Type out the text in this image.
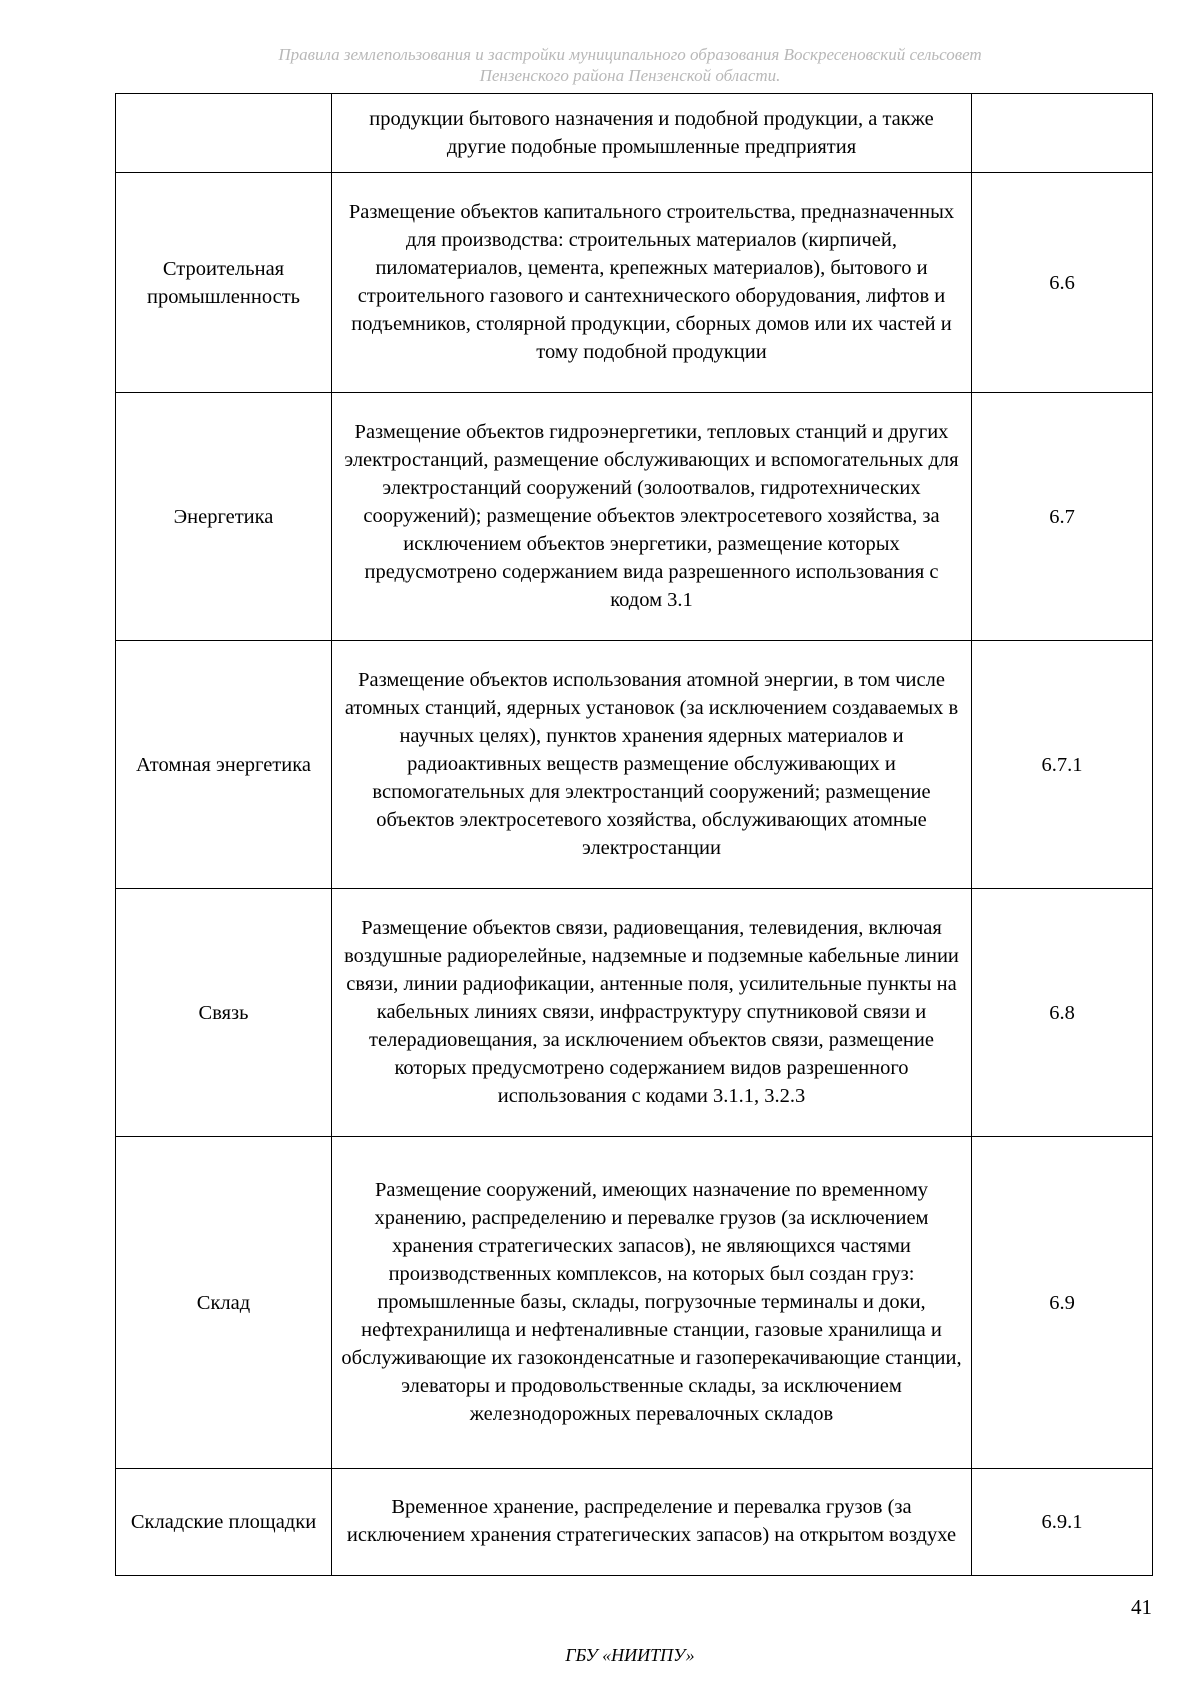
Правила землепользования и застройки муниципального образования Воскресеновский сельсовет
Пензенского района Пензенской области.
	продукции бытового назначения и подобной продукции, а также другие подобные промышленные предприятия	
Строительная промышленность	Размещение объектов капитального строительства, предназначенных для производства: строительных материалов (кирпичей, пиломатериалов, цемента, крепежных материалов), бытового и строительного газового и сантехнического оборудования, лифтов и подъемников, столярной продукции, сборных домов или их частей и тому подобной продукции	6.6
Энергетика	Размещение объектов гидроэнергетики, тепловых станций и других электростанций, размещение обслуживающих и вспомогательных для электростанций сооружений (золоотвалов, гидротехнических сооружений); размещение объектов электросетевого хозяйства, за исключением объектов энергетики, размещение которых предусмотрено содержанием вида разрешенного использования с кодом 3.1	6.7
Атомная энергетика	Размещение объектов использования атомной энергии, в том числе атомных станций, ядерных установок (за исключением создаваемых в научных целях), пунктов хранения ядерных материалов и радиоактивных веществ размещение обслуживающих и вспомогательных для электростанций сооружений; размещение объектов электросетевого хозяйства, обслуживающих атомные электростанции	6.7.1
Связь	Размещение объектов связи, радиовещания, телевидения, включая воздушные радиорелейные, надземные и подземные кабельные линии связи, линии радиофикации, антенные поля, усилительные пункты на кабельных линиях связи, инфраструктуру спутниковой связи и телерадиовещания, за исключением объектов связи, размещение которых предусмотрено содержанием видов разрешенного использования с кодами 3.1.1, 3.2.3	6.8
Склад	Размещение сооружений, имеющих назначение по временному хранению, распределению и перевалке грузов (за исключением хранения стратегических запасов), не являющихся частями производственных комплексов, на которых был создан груз: промышленные базы, склады, погрузочные терминалы и доки, нефтехранилища и нефтеналивные станции, газовые хранилища и обслуживающие их газоконденсатные и газоперекачивающие станции, элеваторы и продовольственные склады, за исключением железнодорожных перевалочных складов	6.9
Складские площадки	Временное хранение, распределение и перевалка грузов (за исключением хранения стратегических запасов) на открытом воздухе	6.9.1
41
ГБУ «НИИТПУ»
